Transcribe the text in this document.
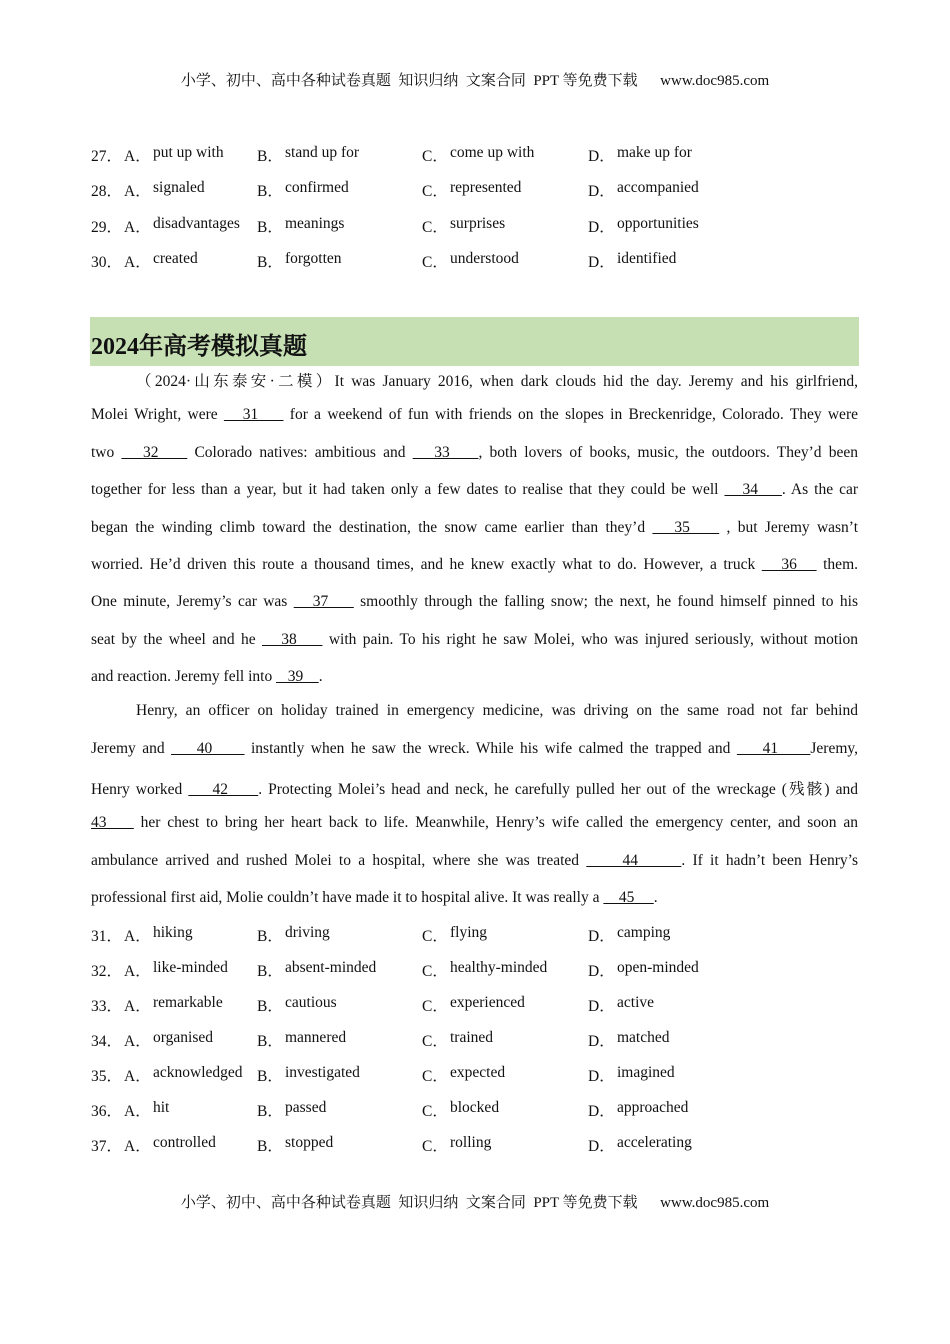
小学、初中、高中各种试卷真题  知识归纳  文案合同  PPT 等免费下载      www.doc985.com
27． A． put up with B． stand up for	C． come up with	D． make up for
28． A． signaled	B． confirmed	C． represented	D． accompanied
29． A． disadvantages B． meanings	C． surprises	D． opportunities
30． A． created	B． forgotten	C． understood	D． identified
2024年高考模拟真题
（2024·山东泰安·二模）It was January 2016, when dark clouds hid the day. Jeremy and his girlfriend,
Molei Wright, were    31     for a weekend of fun with friends on the slopes in Breckenridge, Colorado. They were
two    32     Colorado natives: ambitious and    33    , both lovers of books, music, the outdoors. They’d been
together for less than a year, but it had taken only a few dates to realise that they could be well    34    . As the car
began the winding climb toward the destination, the snow came earlier than they’d    35     , but Jeremy wasn’t
worried. He’d driven this route a thousand times, and he knew exactly what to do. However, a truck    36    them.
One minute, Jeremy’s car was    37     smoothly through the falling snow; the next, he found himself pinned to his
seat by the wheel and he    38     with pain. To his right he saw Molei, who was injured seriously, without motion
and reaction. Jeremy fell into 39 .
Henry, an officer on holiday trained in emergency medicine, was driving on the same road not far behind
Jeremy and     40      instantly when he saw the wreck. While his wife calmed the trapped and     41     Jeremy,
Henry worked     42     . Protecting Molei’s head and neck, he carefully pulled her out of the wreckage (残骸) and
43     her chest to bring her heart back to life. Meanwhile, Henry’s wife called the emergency center, and soon an
ambulance arrived and rushed Molei to a hospital, where she was treated      44      . If it hadn’t been Henry’s
professional first aid, Molie couldn’t have made it to hospital alive. It was really a 45 .
31． A． hiking	B． driving	C． flying	D． camping
32． A． like-minded B． absent-minded	C． healthy-minded	D． open-minded
33． A． remarkable B． cautious	C． experienced	D． active
34． A． organised	B． mannered	C． trained	D． matched
35． A． acknowledged B． investigated	C． expected	D． imagined
36． A． hit	B． passed	C． blocked	D． approached
37． A． controlled	B． stopped	C． rolling	D． accelerating
小学、初中、高中各种试卷真题  知识归纳  文案合同  PPT 等免费下载      www.doc985.com
